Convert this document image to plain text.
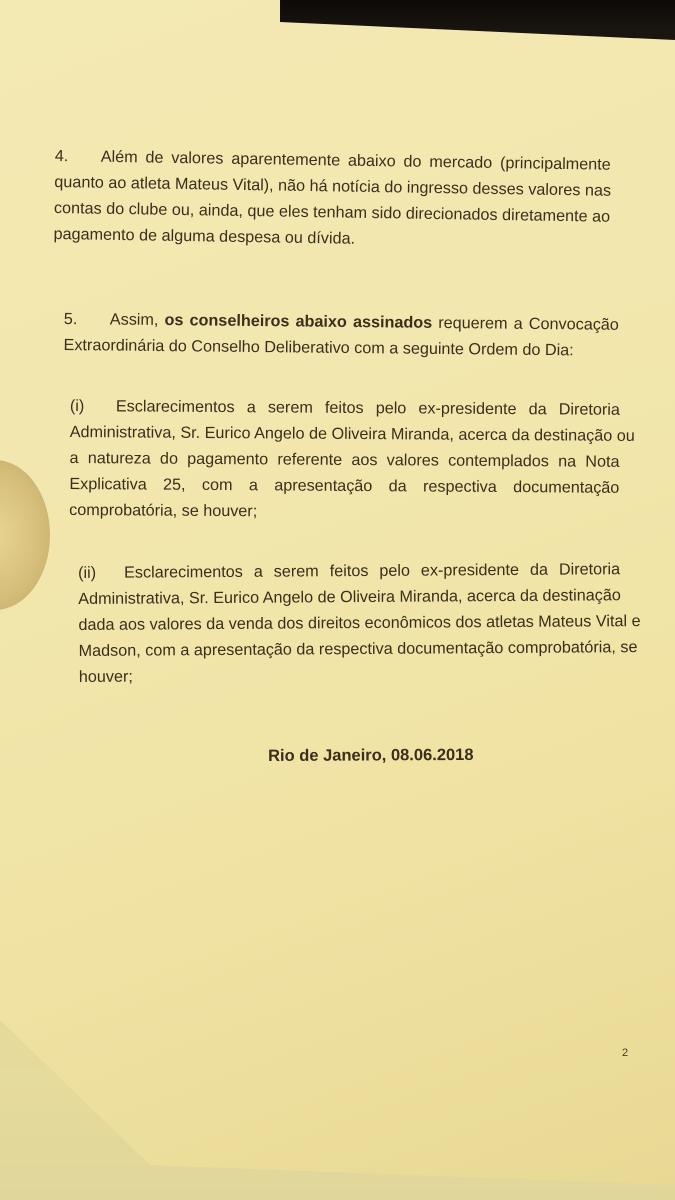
4. Além de valores aparentemente abaixo do mercado (principalmente
quanto ao atleta Mateus Vital), não há notícia do ingresso desses valores nas
contas do clube ou, ainda, que eles tenham sido direcionados diretamente ao
pagamento de alguma despesa ou dívida.
5. Assim, os conselheiros abaixo assinados requerem a Convocação
Extraordinária do Conselho Deliberativo com a seguinte Ordem do Dia:
(i) Esclarecimentos a serem feitos pelo ex-presidente da Diretoria
Administrativa, Sr. Eurico Angelo de Oliveira Miranda, acerca da destinação ou
a natureza do pagamento referente aos valores contemplados na Nota
Explicativa 25, com a apresentação da respectiva documentação
comprobatória, se houver;
(ii) Esclarecimentos a serem feitos pelo ex-presidente da Diretoria
Administrativa, Sr. Eurico Angelo de Oliveira Miranda, acerca da destinação
dada aos valores da venda dos direitos econômicos dos atletas Mateus Vital e
Madson, com a apresentação da respectiva documentação comprobatória, se
houver;
Rio de Janeiro, 08.06.2018
2
